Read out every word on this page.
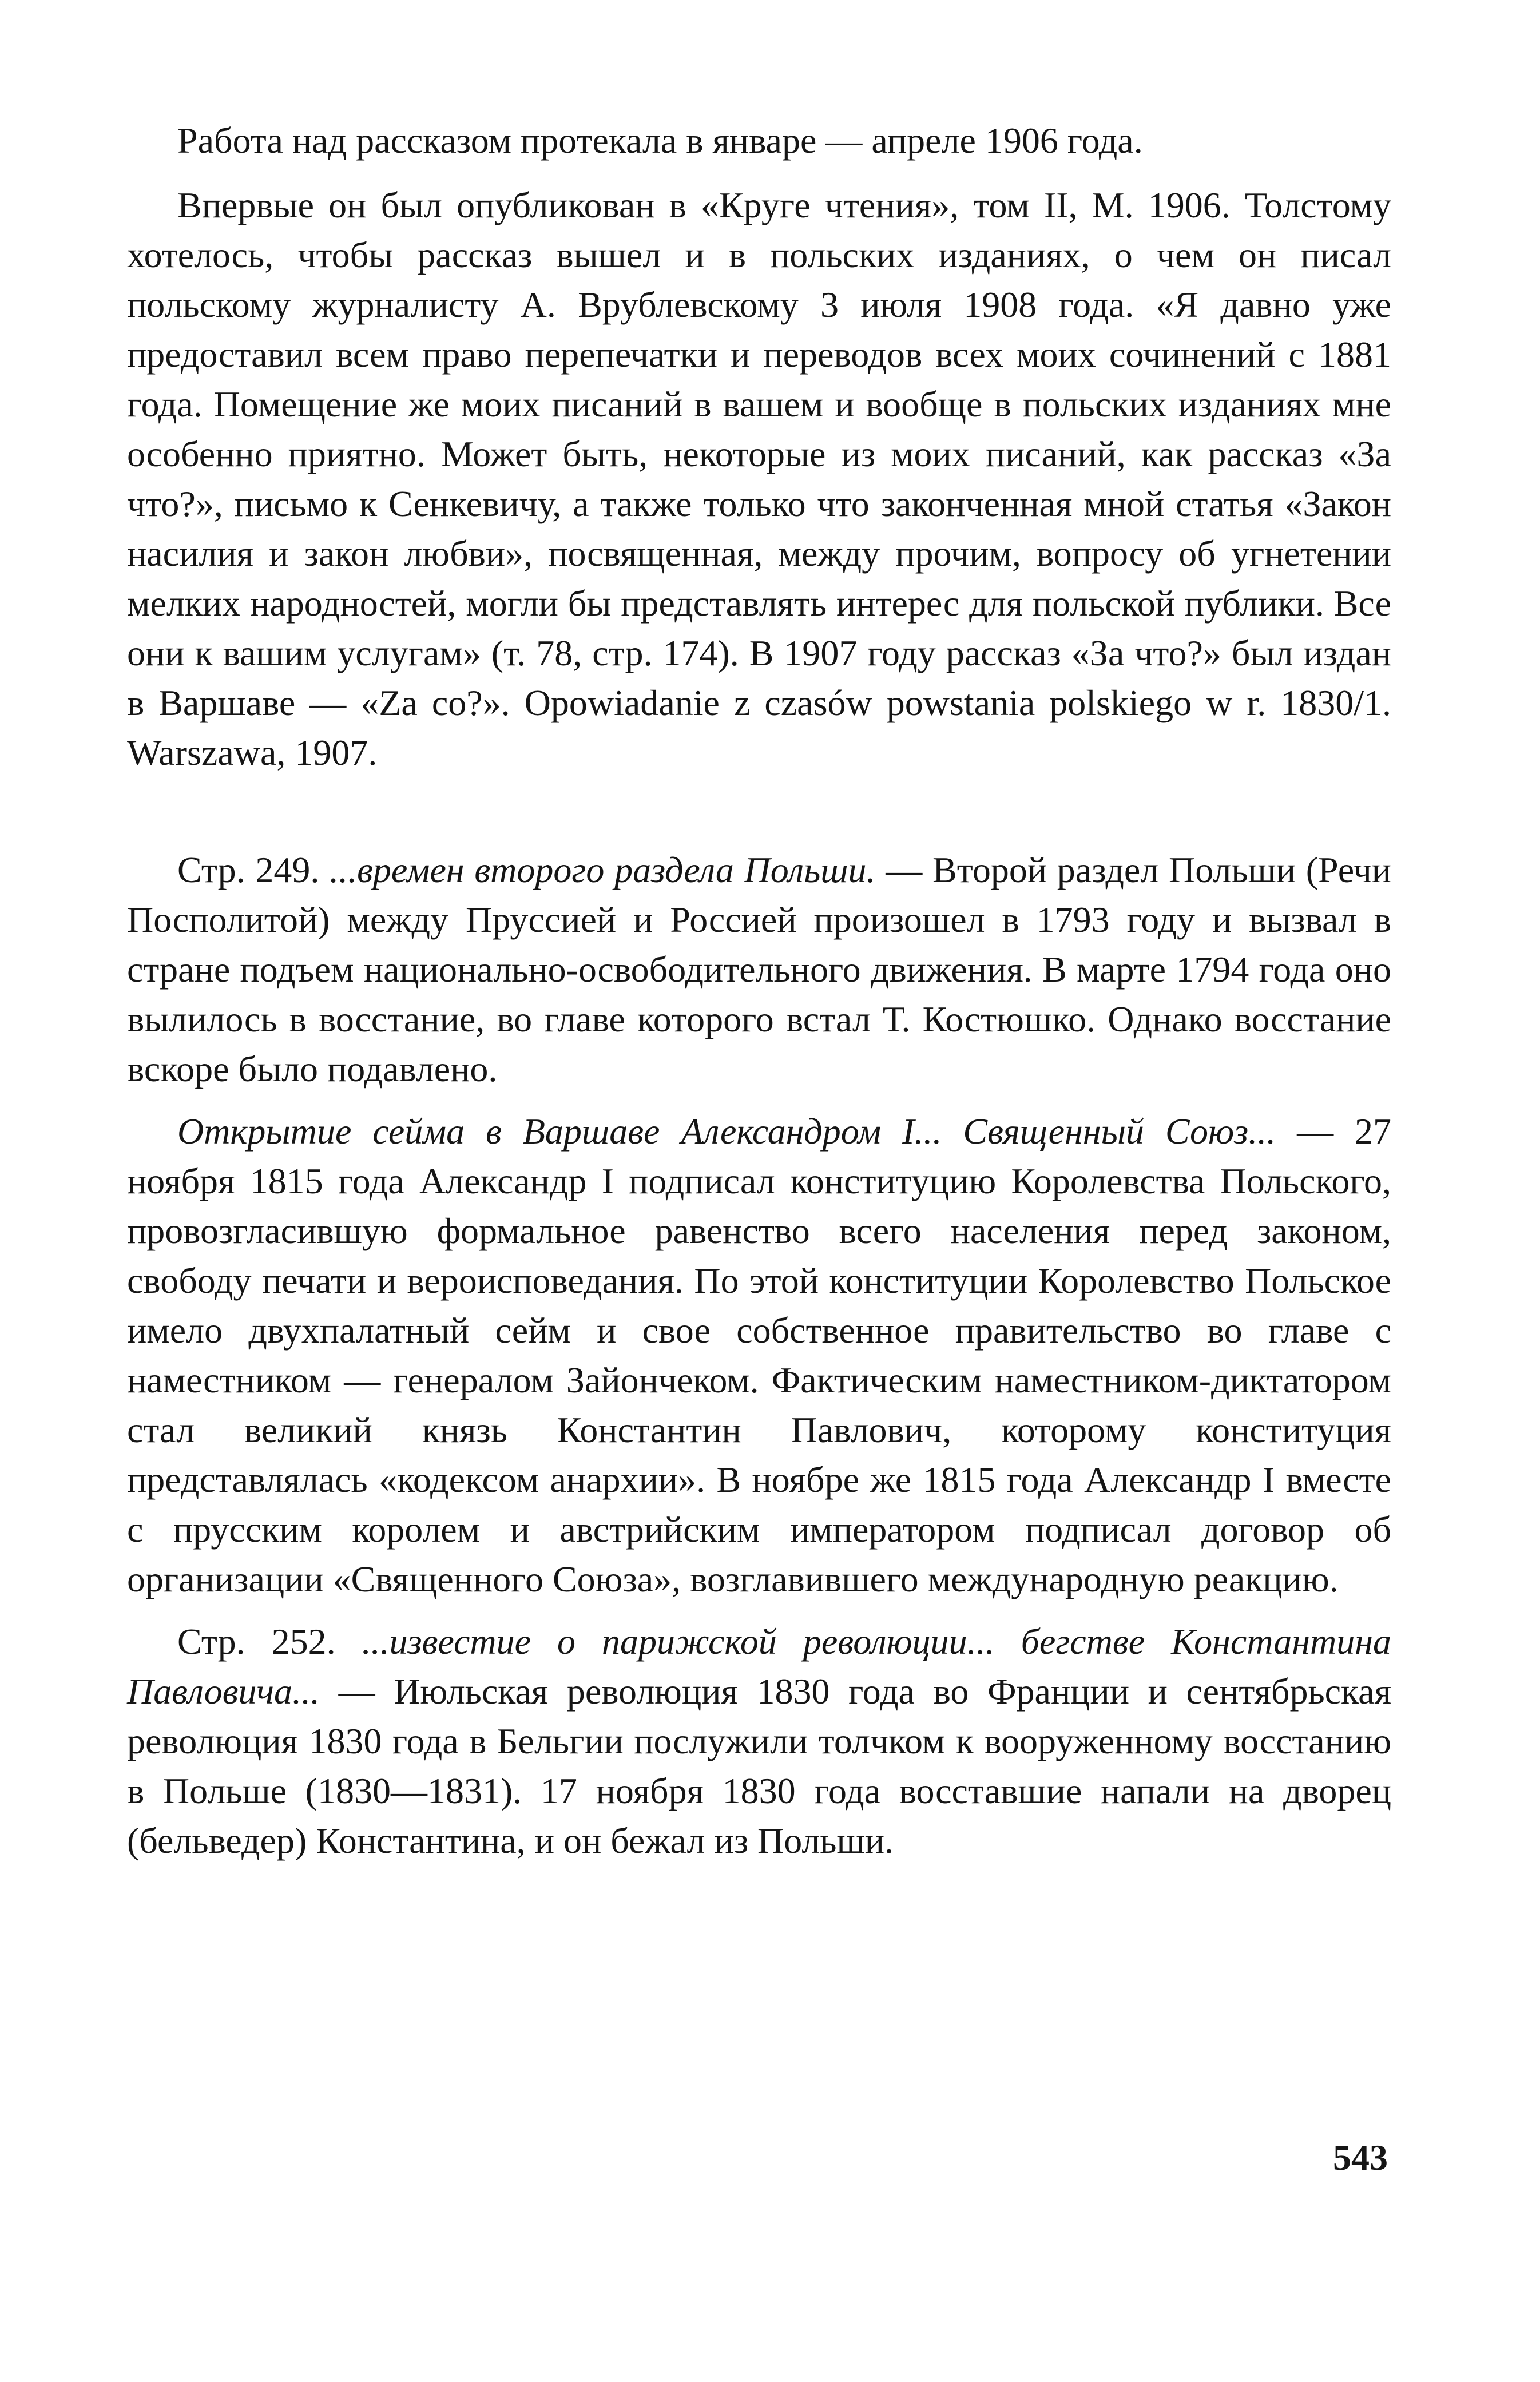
Работа над рассказом протекала в январе — апреле 1906 года.

Впервые он был опубликован в «Круге чтения», том II, М. 1906. Толстому хотелось, чтобы рассказ вышел и в польских изданиях, о чем он писал польскому журналисту А. Врублевскому 3 июля 1908 года. «Я давно уже предоставил всем право перепечатки и переводов всех моих сочинений с 1881 года. Помещение же моих писаний в вашем и вообще в польских изданиях мне особенно приятно. Может быть, некоторые из моих писаний, как рассказ «За что?», письмо к Сенкевичу, а также только что законченная мной статья «Закон насилия и закон любви», посвященная, между прочим, вопросу об угнетении мелких народностей, могли бы представлять интерес для польской публики. Все они к вашим услугам» (т. 78, стр. 174). В 1907 году рассказ «За что?» был издан в Варшаве — «Za co?». Opowiadanie z czasów powstania polskiego w r. 1830/1. Warszawa, 1907.

Стр. 249. ...времен второго раздела Польши. — Второй раздел Польши (Речи Посполитой) между Пруссией и Россией произошел в 1793 году и вызвал в стране подъем национально-освободительного движения. В марте 1794 года оно вылилось в восстание, во главе которого встал Т. Костюшко. Однако восстание вскоре было подавлено.

Открытие сейма в Варшаве Александром I... Священный Союз... — 27 ноября 1815 года Александр I подписал конституцию Королевства Польского, провозгласившую формальное равенство всего населения перед законом, свободу печати и вероисповедания. По этой конституции Королевство Польское имело двухпалатный сейм и свое собственное правительство во главе с наместником — генералом Зайончеком. Фактическим наместником-диктатором стал великий князь Константин Павлович, которому конституция представлялась «кодексом анархии». В ноябре же 1815 года Александр I вместе с прусским королем и австрийским императором подписал договор об организации «Священного Союза», возглавившего международную реакцию.

Стр. 252. ...известие о парижской революции... бегстве Константина Павловича... — Июльская революция 1830 года во Франции и сентябрьская революция 1830 года в Бельгии послужили толчком к вооруженному восстанию в Польше (1830—1831). 17 ноября 1830 года восставшие напали на дворец (бельведер) Константина, и он бежал из Польши.

543
